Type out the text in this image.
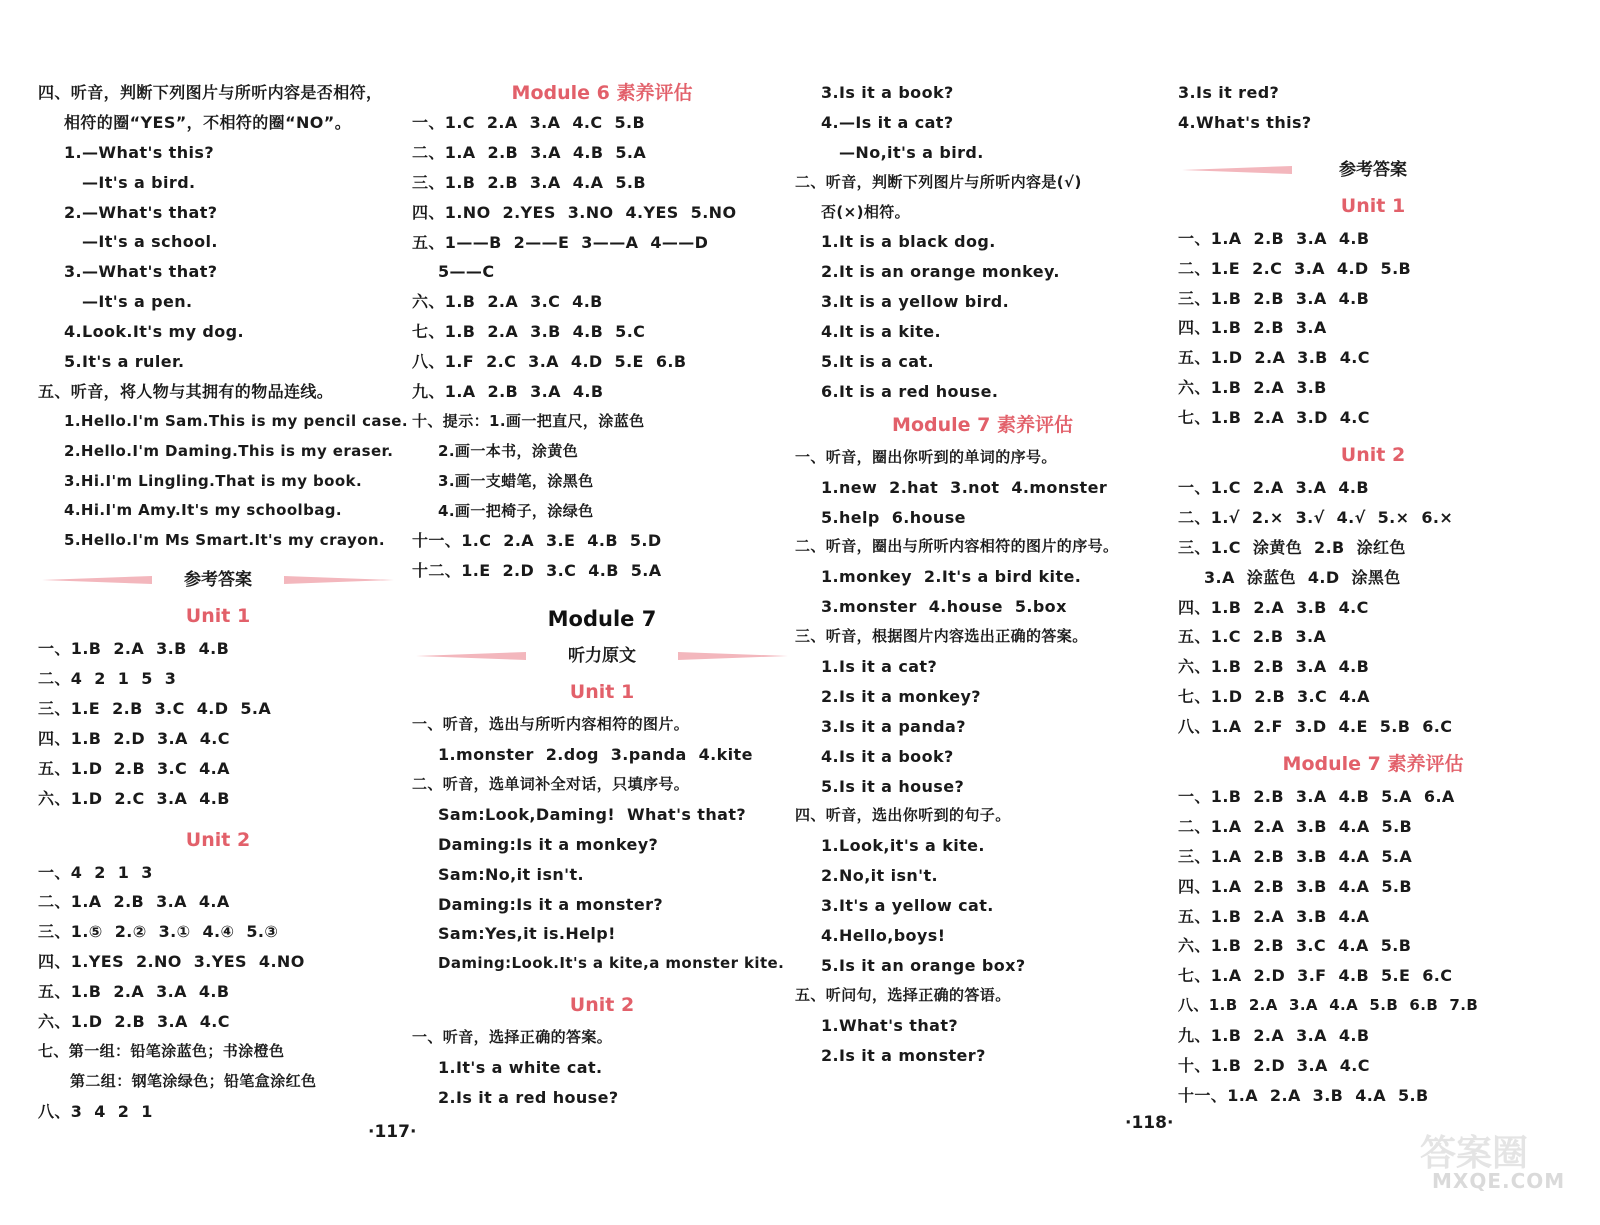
四、听音，判断下列图片与所听内容是否相符，
相符的圈“YES”，不相符的圈“NO”。
1.—What's this?
—It's a bird.
2.—What's that?
—It's a school.
3.—What's that?
—It's a pen.
4.Look.It's my dog.
5.It's a ruler.
五、听音，将人物与其拥有的物品连线。
1.Hello.I'm Sam.This is my pencil case.
2.Hello.I'm Daming.This is my eraser.
3.Hi.I'm Lingling.That is my book.
4.Hi.I'm Amy.It's my schoolbag.
5.Hello.I'm Ms Smart.It's my crayon.
参考答案
Unit 1
一、1.B  2.A  3.B  4.B
二、4  2  1  5  3
三、1.E  2.B  3.C  4.D  5.A
四、1.B  2.D  3.A  4.C
五、1.D  2.B  3.C  4.A
六、1.D  2.C  3.A  4.B
Unit 2
一、4  2  1  3
二、1.A  2.B  3.A  4.A
三、1.⑤  2.②  3.①  4.④  5.③
四、1.YES  2.NO  3.YES  4.NO
五、1.B  2.A  3.A  4.B
六、1.D  2.B  3.A  4.C
七、第一组：铅笔涂蓝色；书涂橙色
第二组：钢笔涂绿色；铅笔盒涂红色
八、3  4  2  1
Module 6 素养评估
一、1.C  2.A  3.A  4.C  5.B
二、1.A  2.B  3.A  4.B  5.A
三、1.B  2.B  3.A  4.A  5.B
四、1.NO  2.YES  3.NO  4.YES  5.NO
五、1——B  2——E  3——A  4——D
5——C
六、1.B  2.A  3.C  4.B
七、1.B  2.A  3.B  4.B  5.C
八、1.F  2.C  3.A  4.D  5.E  6.B
九、1.A  2.B  3.A  4.B
十、提示：1.画一把直尺，涂蓝色
2.画一本书，涂黄色
3.画一支蜡笔，涂黑色
4.画一把椅子，涂绿色
十一、1.C  2.A  3.E  4.B  5.D
十二、1.E  2.D  3.C  4.B  5.A
Module 7
听力原文
Unit 1
一、听音，选出与所听内容相符的图片。
1.monster  2.dog  3.panda  4.kite
二、听音，选单词补全对话，只填序号。
Sam:Look,Daming!  What's that?
Daming:Is it a monkey?
Sam:No,it isn't.
Daming:Is it a monster?
Sam:Yes,it is.Help!
Daming:Look.It's a kite,a monster kite.
Unit 2
一、听音，选择正确的答案。
1.It's a white cat.
2.Is it a red house?
3.Is it a book?
4.—Is it a cat?
—No,it's a bird.
二、听音，判断下列图片与所听内容是(√)
否(×)相符。
1.It is a black dog.
2.It is an orange monkey.
3.It is a yellow bird.
4.It is a kite.
5.It is a cat.
6.It is a red house.
Module 7 素养评估
一、听音，圈出你听到的单词的序号。
1.new  2.hat  3.not  4.monster
5.help  6.house
二、听音，圈出与所听内容相符的图片的序号。
1.monkey  2.It's a bird kite.
3.monster  4.house  5.box
三、听音，根据图片内容选出正确的答案。
1.Is it a cat?
2.Is it a monkey?
3.Is it a panda?
4.Is it a book?
5.Is it a house?
四、听音，选出你听到的句子。
1.Look,it's a kite.
2.No,it isn't.
3.It's a yellow cat.
4.Hello,boys!
5.Is it an orange box?
五、听问句，选择正确的答语。
1.What's that?
2.Is it a monster?
3.Is it red?
4.What's this?
参考答案
Unit 1
一、1.A  2.B  3.A  4.B
二、1.E  2.C  3.A  4.D  5.B
三、1.B  2.B  3.A  4.B
四、1.B  2.B  3.A
五、1.D  2.A  3.B  4.C
六、1.B  2.A  3.B
七、1.B  2.A  3.D  4.C
Unit 2
一、1.C  2.A  3.A  4.B
二、1.√  2.×  3.√  4.√  5.×  6.×
三、1.C  涂黄色  2.B  涂红色
3.A  涂蓝色  4.D  涂黑色
四、1.B  2.A  3.B  4.C
五、1.C  2.B  3.A
六、1.B  2.B  3.A  4.B
七、1.D  2.B  3.C  4.A
八、1.A  2.F  3.D  4.E  5.B  6.C
Module 7 素养评估
一、1.B  2.B  3.A  4.B  5.A  6.A
二、1.A  2.A  3.B  4.A  5.B
三、1.A  2.B  3.B  4.A  5.A
四、1.A  2.B  3.B  4.A  5.B
五、1.B  2.A  3.B  4.A
六、1.B  2.B  3.C  4.A  5.B
七、1.A  2.D  3.F  4.B  5.E  6.C
八、1.B  2.A  3.A  4.A  5.B  6.B  7.B
九、1.B  2.A  3.A  4.B
十、1.B  2.D  3.A  4.C
十一、1.A  2.A  3.B  4.A  5.B
·117·	·118·
答案圈
MXQE.COM
